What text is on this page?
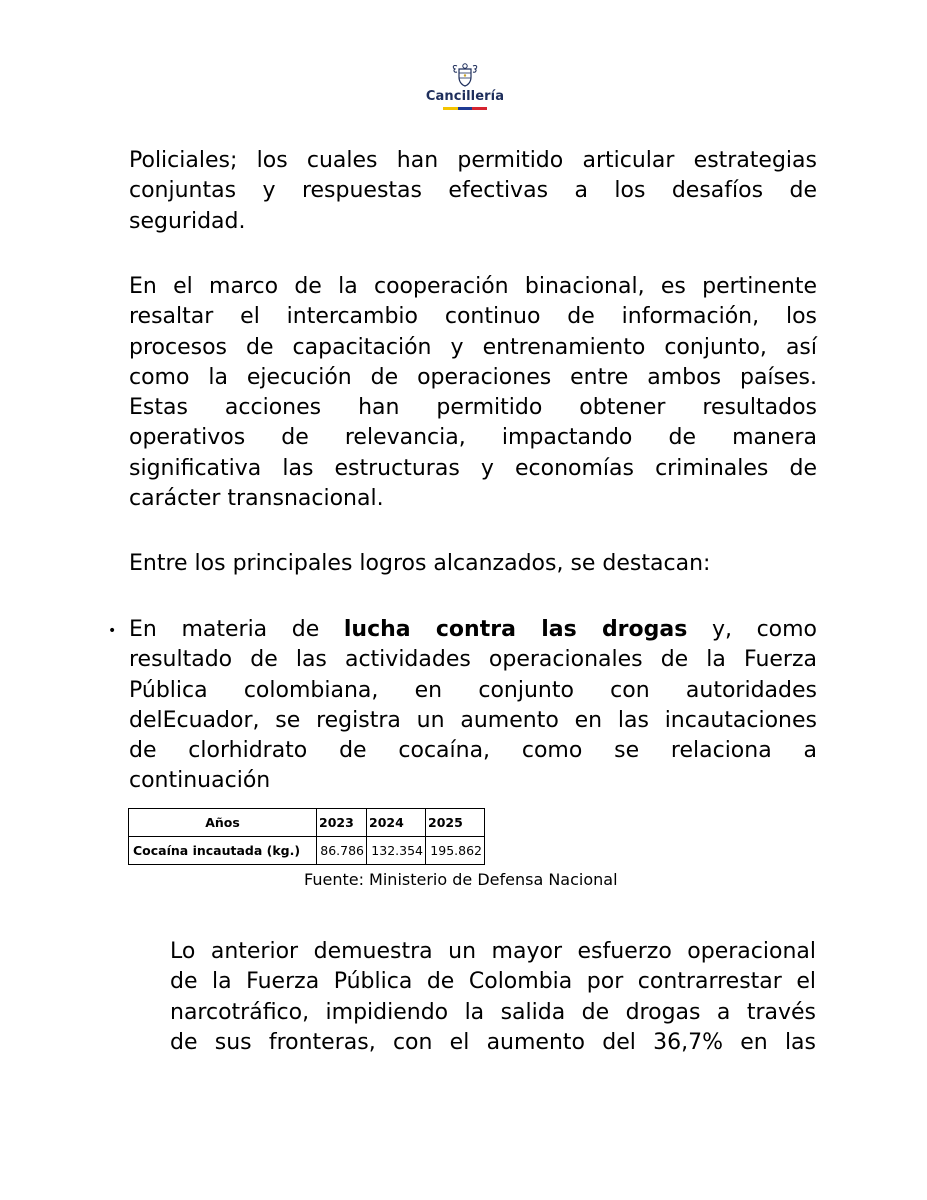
Cancillería
Policiales; los cuales han permitido articular estrategias
conjuntas y respuestas efectivas a los desafíos de
seguridad.
En el marco de la cooperación binacional, es pertinente
resaltar el intercambio continuo de información, los
procesos de capacitación y entrenamiento conjunto, así
como la ejecución de operaciones entre ambos países.
Estas acciones han permitido obtener resultados
operativos de relevancia, impactando de manera
significativa las estructuras y economías criminales de
carácter transnacional.
Entre los principales logros alcanzados, se destacan:
• En materia de lucha contra las drogas y, como
resultado de las actividades operacionales de la Fuerza
Pública colombiana, en conjunto con autoridades
delEcuador, se registra un aumento en las incautaciones
de clorhidrato de cocaína, como se relaciona a
continuación
Años	2023	2024	2025
Cocaína incautada (kg.)	86.786	132.354	195.862
Fuente: Ministerio de Defensa Nacional
Lo anterior demuestra un mayor esfuerzo operacional
de la Fuerza Pública de Colombia por contrarrestar el
narcotráfico, impidiendo la salida de drogas a través
de sus fronteras, con el aumento del 36,7% en las
